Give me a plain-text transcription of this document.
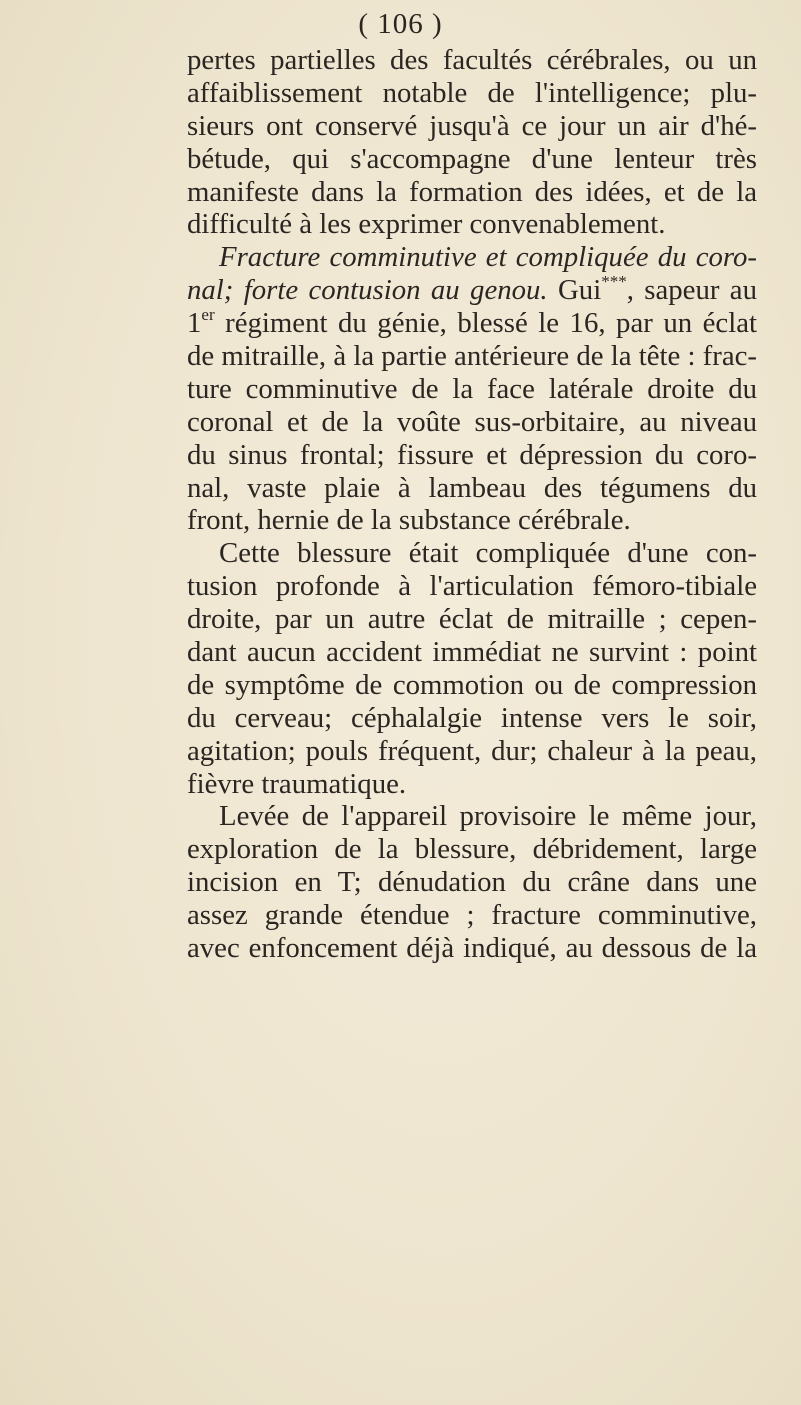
( 106 )
pertes partielles des facultés cérébrales, ou un
affaiblissement notable de l'intelligence; plu-
sieurs ont conservé jusqu'à ce jour un air d'hé-
bétude, qui s'accompagne d'une lenteur très
manifeste dans la formation des idées, et de la
difficulté à les exprimer convenablement.
Fracture comminutive et compliquée du coro-
nal; forte contusion au genou. Gui***, sapeur au
1er régiment du génie, blessé le 16, par un éclat
de mitraille, à la partie antérieure de la tête : frac-
ture comminutive de la face latérale droite du
coronal et de la voûte sus-orbitaire, au niveau
du sinus frontal; fissure et dépression du coro-
nal, vaste plaie à lambeau des tégumens du
front, hernie de la substance cérébrale.
Cette blessure était compliquée d'une con-
tusion profonde à l'articulation fémoro-tibiale
droite, par un autre éclat de mitraille ; cepen-
dant aucun accident immédiat ne survint : point
de symptôme de commotion ou de compression
du cerveau; céphalalgie intense vers le soir,
agitation; pouls fréquent, dur; chaleur à la peau,
fièvre traumatique.
Levée de l'appareil provisoire le même jour,
exploration de la blessure, débridement, large
incision en T; dénudation du crâne dans une
assez grande étendue ; fracture comminutive,
avec enfoncement déjà indiqué, au dessous de la
